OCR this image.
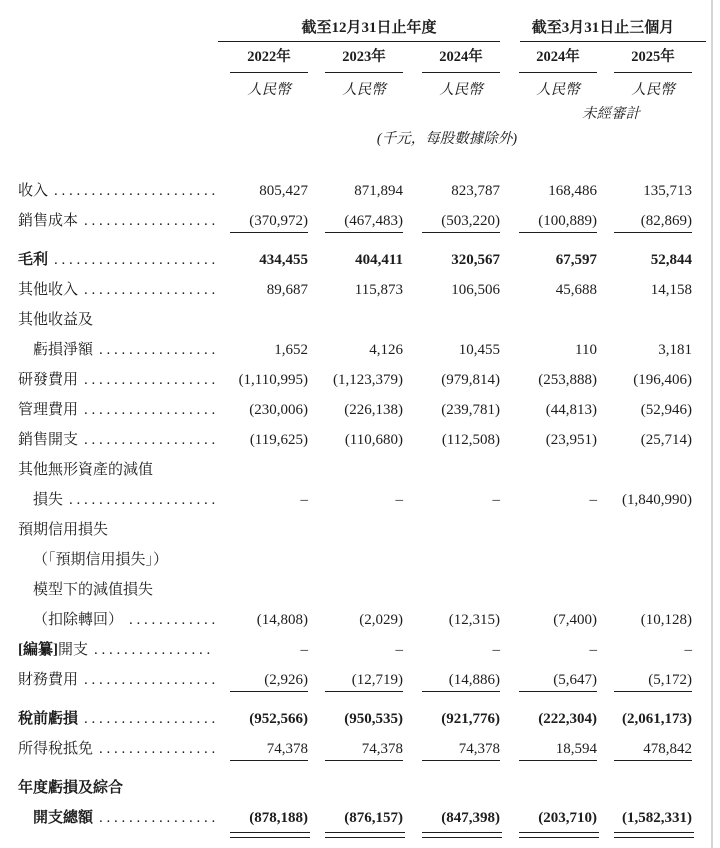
截至12月31日止年度	截至3月31日止三個月
2022年	2023年	2024年	2024年	2025年
人民幣	人民幣	人民幣	人民幣	人民幣
未經審計
(千元，每股數據除外)
收入 . . .	805,427	871,894	823,787	168,486	135,713
銷售成本 . . .	(370,972) (467,483)	(503,220)	(100,889)	(82,869)
毛利 . . .	434,455	404,411	320,567	67,597	52,844
其他收入 . . .	89,687	115,873	106,506	45,688	14,158
其他收益及
虧損淨額 . . .	1,652	4,126	10,455	110	3,181
研發費用 . . .	(1,110,995) (1,123,379)	(979,814)	(253,888) (196,406)
管理費用 . . .	(230,006) (226,138)	(239,781)	(44,813)	(52,946)
銷售開支 . . .	(119,625) (110,680)	(112,508)	(23,951)	(25,714)
其他無形資產的減值
損失 . . .	–	–	–	– (1,840,990)
預期信用損失
（「預期信用損失」）
模型下的減值損失
（扣除轉回） . . .	(14,808)	(2,029)	(12,315)	(7,400)	(10,128)
[編纂] 開支 . . .	–	–	–	–	–
財務費用 . . .	(2,926)	(12,719)	(14,886)	(5,647)	(5,172)
稅前虧損 . . .	(952,566) (950,535)	(921,776)	(222,304) (2,061,173)
所得稅抵免 . . .	74,378	74,378	74,378	18,594	478,842
年度虧損及綜合
開支總額 . . .	(878,188) (876,157)	(847,398)	(203,710) (1,582,331)
